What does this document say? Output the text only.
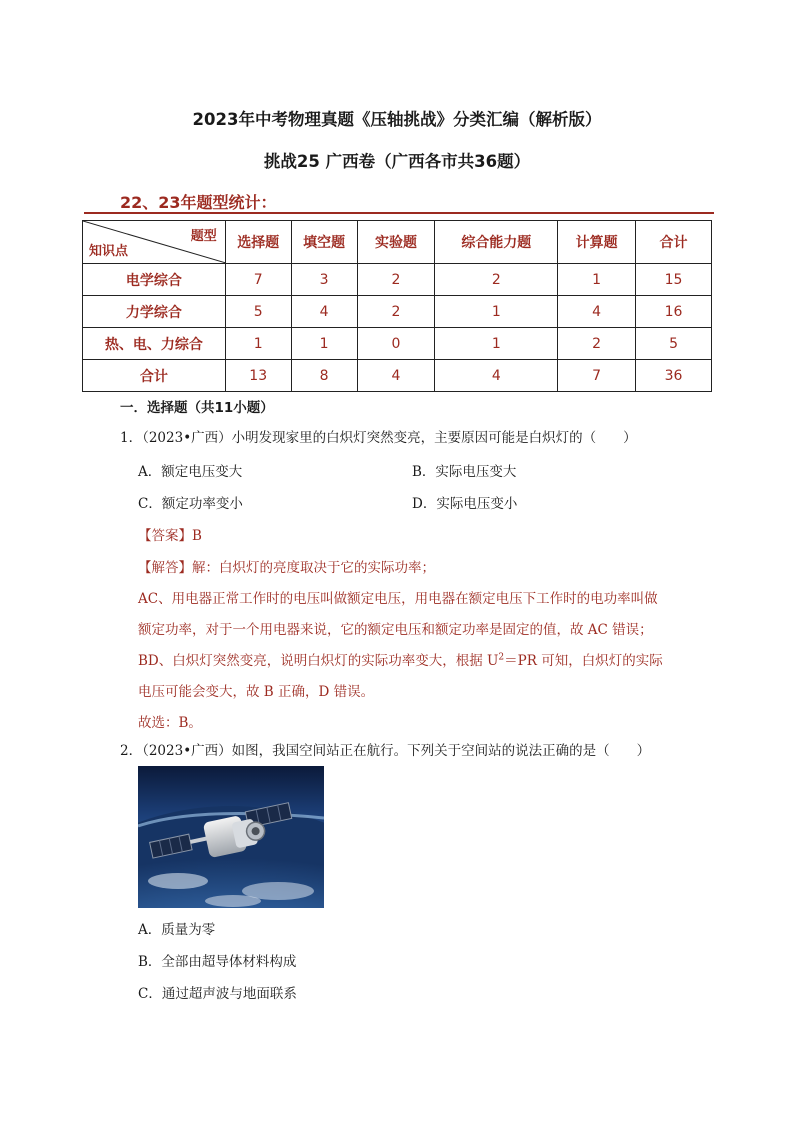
2023年中考物理真题《压轴挑战》分类汇编（解析版）
挑战25 广西卷（广西各市共36题）
22、23年题型统计：
题型
知识点	选择题	填空题	实验题	综合能力题	计算题	合计
电学综合	7	3	2	2	1	15
力学综合	5	4	2	1	4	16
热、电、力综合	1	1	0	1	2	5
合计	13	8	4	4	7	36
一．选择题（共11小题）
1．（2023•广西）小明发现家里的白炽灯突然变亮，主要原因可能是白炽灯的（　　）
A．额定电压变大	B．实际电压变大
C．额定功率变小	D．实际电压变小
【答案】B
【解答】解：白炽灯的亮度取决于它的实际功率；
AC、用电器正常工作时的电压叫做额定电压，用电器在额定电压下工作时的电功率叫做
额定功率，对于一个用电器来说，它的额定电压和额定功率是固定的值，故 AC 错误；
BD、白炽灯突然变亮，说明白炽灯的实际功率变大，根据 $U^2=PR$ 可知，白炽灯的实际
电压可能会变大，故 B 正确，D 错误。
故选：B。
2．（2023•广西）如图，我国空间站正在航行。下列关于空间站的说法正确的是（　　）
A．质量为零
B．全部由超导体材料构成
C．通过超声波与地面联系
